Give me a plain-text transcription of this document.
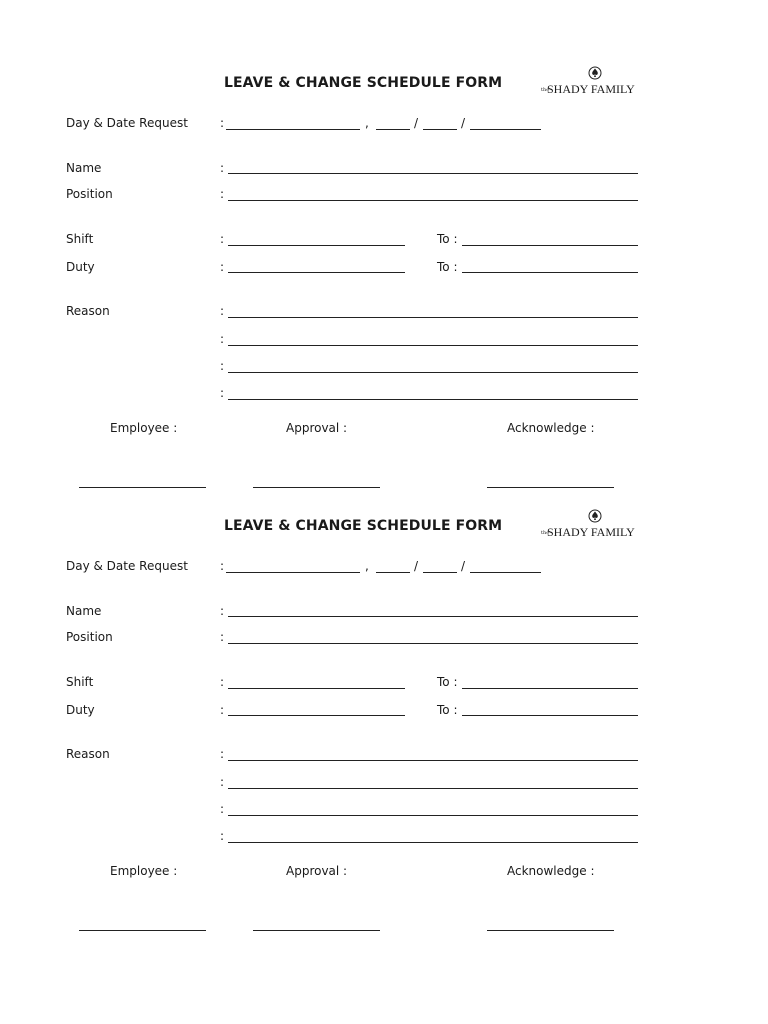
LEAVE & CHANGE SCHEDULE FORM	the
SHADY FAMILY
Day & Date Request	:	,	/	/
Name	:
Position	:
Shift	:	To :
Duty	:	To :
Reason	:
:
:
:
Employee :	Approval :	Acknowledge :
LEAVE & CHANGE SCHEDULE FORM	the
SHADY FAMILY
Day & Date Request	:	,	/	/
Name	:
Position	:
Shift	:	To :
Duty	:	To :
Reason	:
:
:
:
Employee :	Approval :	Acknowledge :
